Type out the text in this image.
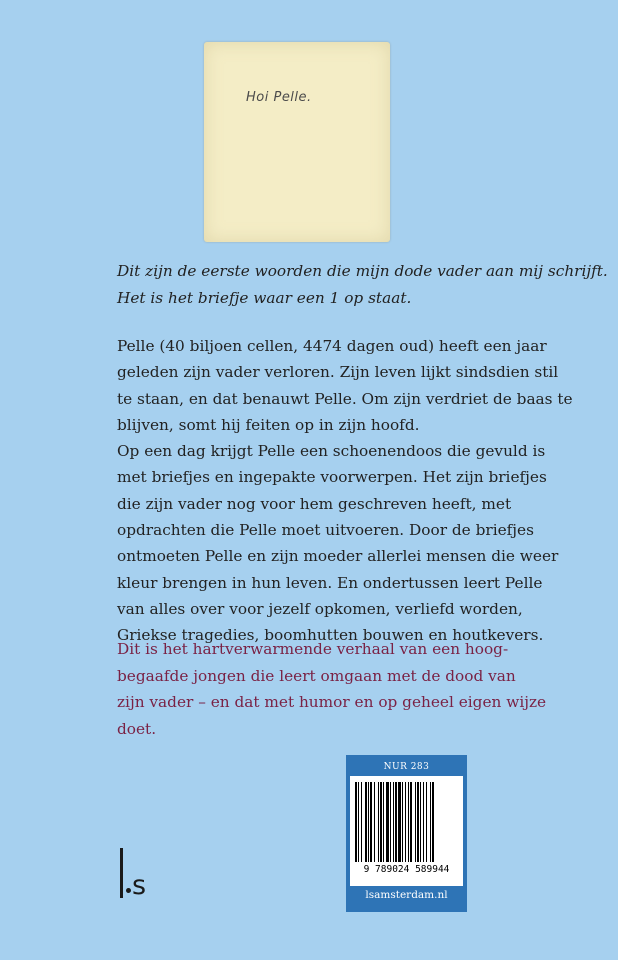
Hoi Pelle.
Dit zijn de eerste woorden die mijn dode vader aan mij schrijft.
Het is het briefje waar een 1 op staat.
Pelle (40 biljoen cellen, 4474 dagen oud) heeft een jaar
geleden zijn vader verloren. Zijn leven lijkt sindsdien stil
te staan, en dat benauwt Pelle. Om zijn verdriet de baas te
blijven, somt hij feiten op in zijn hoofd.
Op een dag krijgt Pelle een schoenendoos die gevuld is
met briefjes en ingepakte voorwerpen. Het zijn briefjes
die zijn vader nog voor hem geschreven heeft, met
opdrachten die Pelle moet uitvoeren. Door de briefjes
ontmoeten Pelle en zijn moeder allerlei mensen die weer
kleur brengen in hun leven. En ondertussen leert Pelle
van alles over voor jezelf opkomen, verliefd worden,
Griekse tragedies, boomhutten bouwen en houtkevers.
Dit is het hartverwarmende verhaal van een hoog-
begaafde jongen die leert omgaan met de dood van
zijn vader – en dat met humor en op geheel eigen wijze
doet.
s
NUR 283
9 789024 589944
lsamsterdam.nl
